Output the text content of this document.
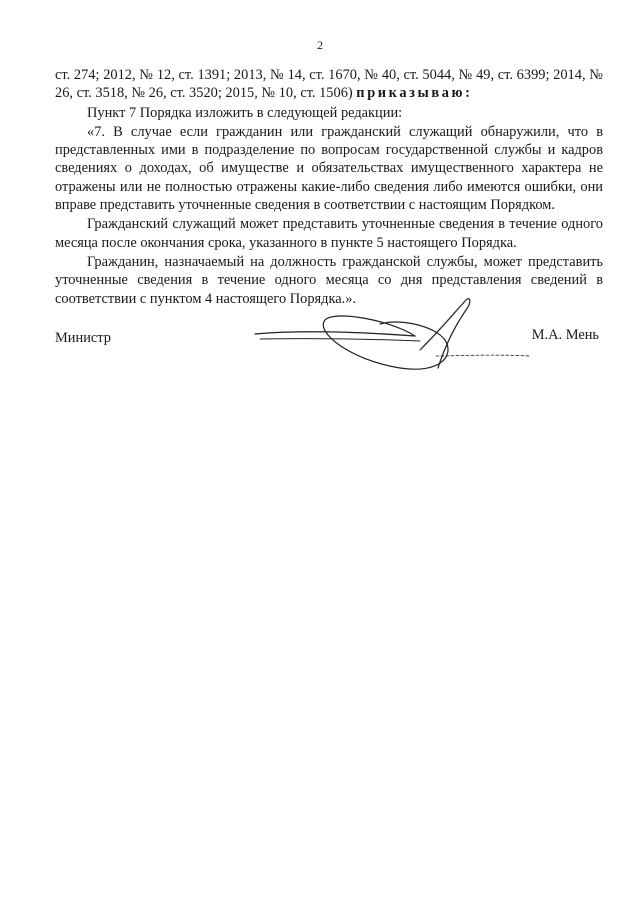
2

ст. 274; 2012, № 12, ст. 1391; 2013, № 14, ст. 1670, № 40, ст. 5044, № 49, ст. 6399; 2014, № 26, ст. 3518, № 26, ст. 3520; 2015, № 10, ст. 1506) приказываю:

Пункт 7 Порядка изложить в следующей редакции:

«7. В случае если гражданин или гражданский служащий обнаружили, что в представленных ими в подразделение по вопросам государственной службы и кадров сведениях о доходах, об имуществе и обязательствах имущественного характера не отражены или не полностью отражены какие-либо сведения либо имеются ошибки, они вправе представить уточненные сведения в соответствии с настоящим Порядком.

Гражданский служащий может представить уточненные сведения в течение одного месяца после окончания срока, указанного в пункте 5 настоящего Порядка.

Гражданин, назначаемый на должность гражданской службы, может представить уточненные сведения в течение одного месяца со дня представления сведений в соответствии с пунктом 4 настоящего Порядка.».

Министр	М.А. Мень
